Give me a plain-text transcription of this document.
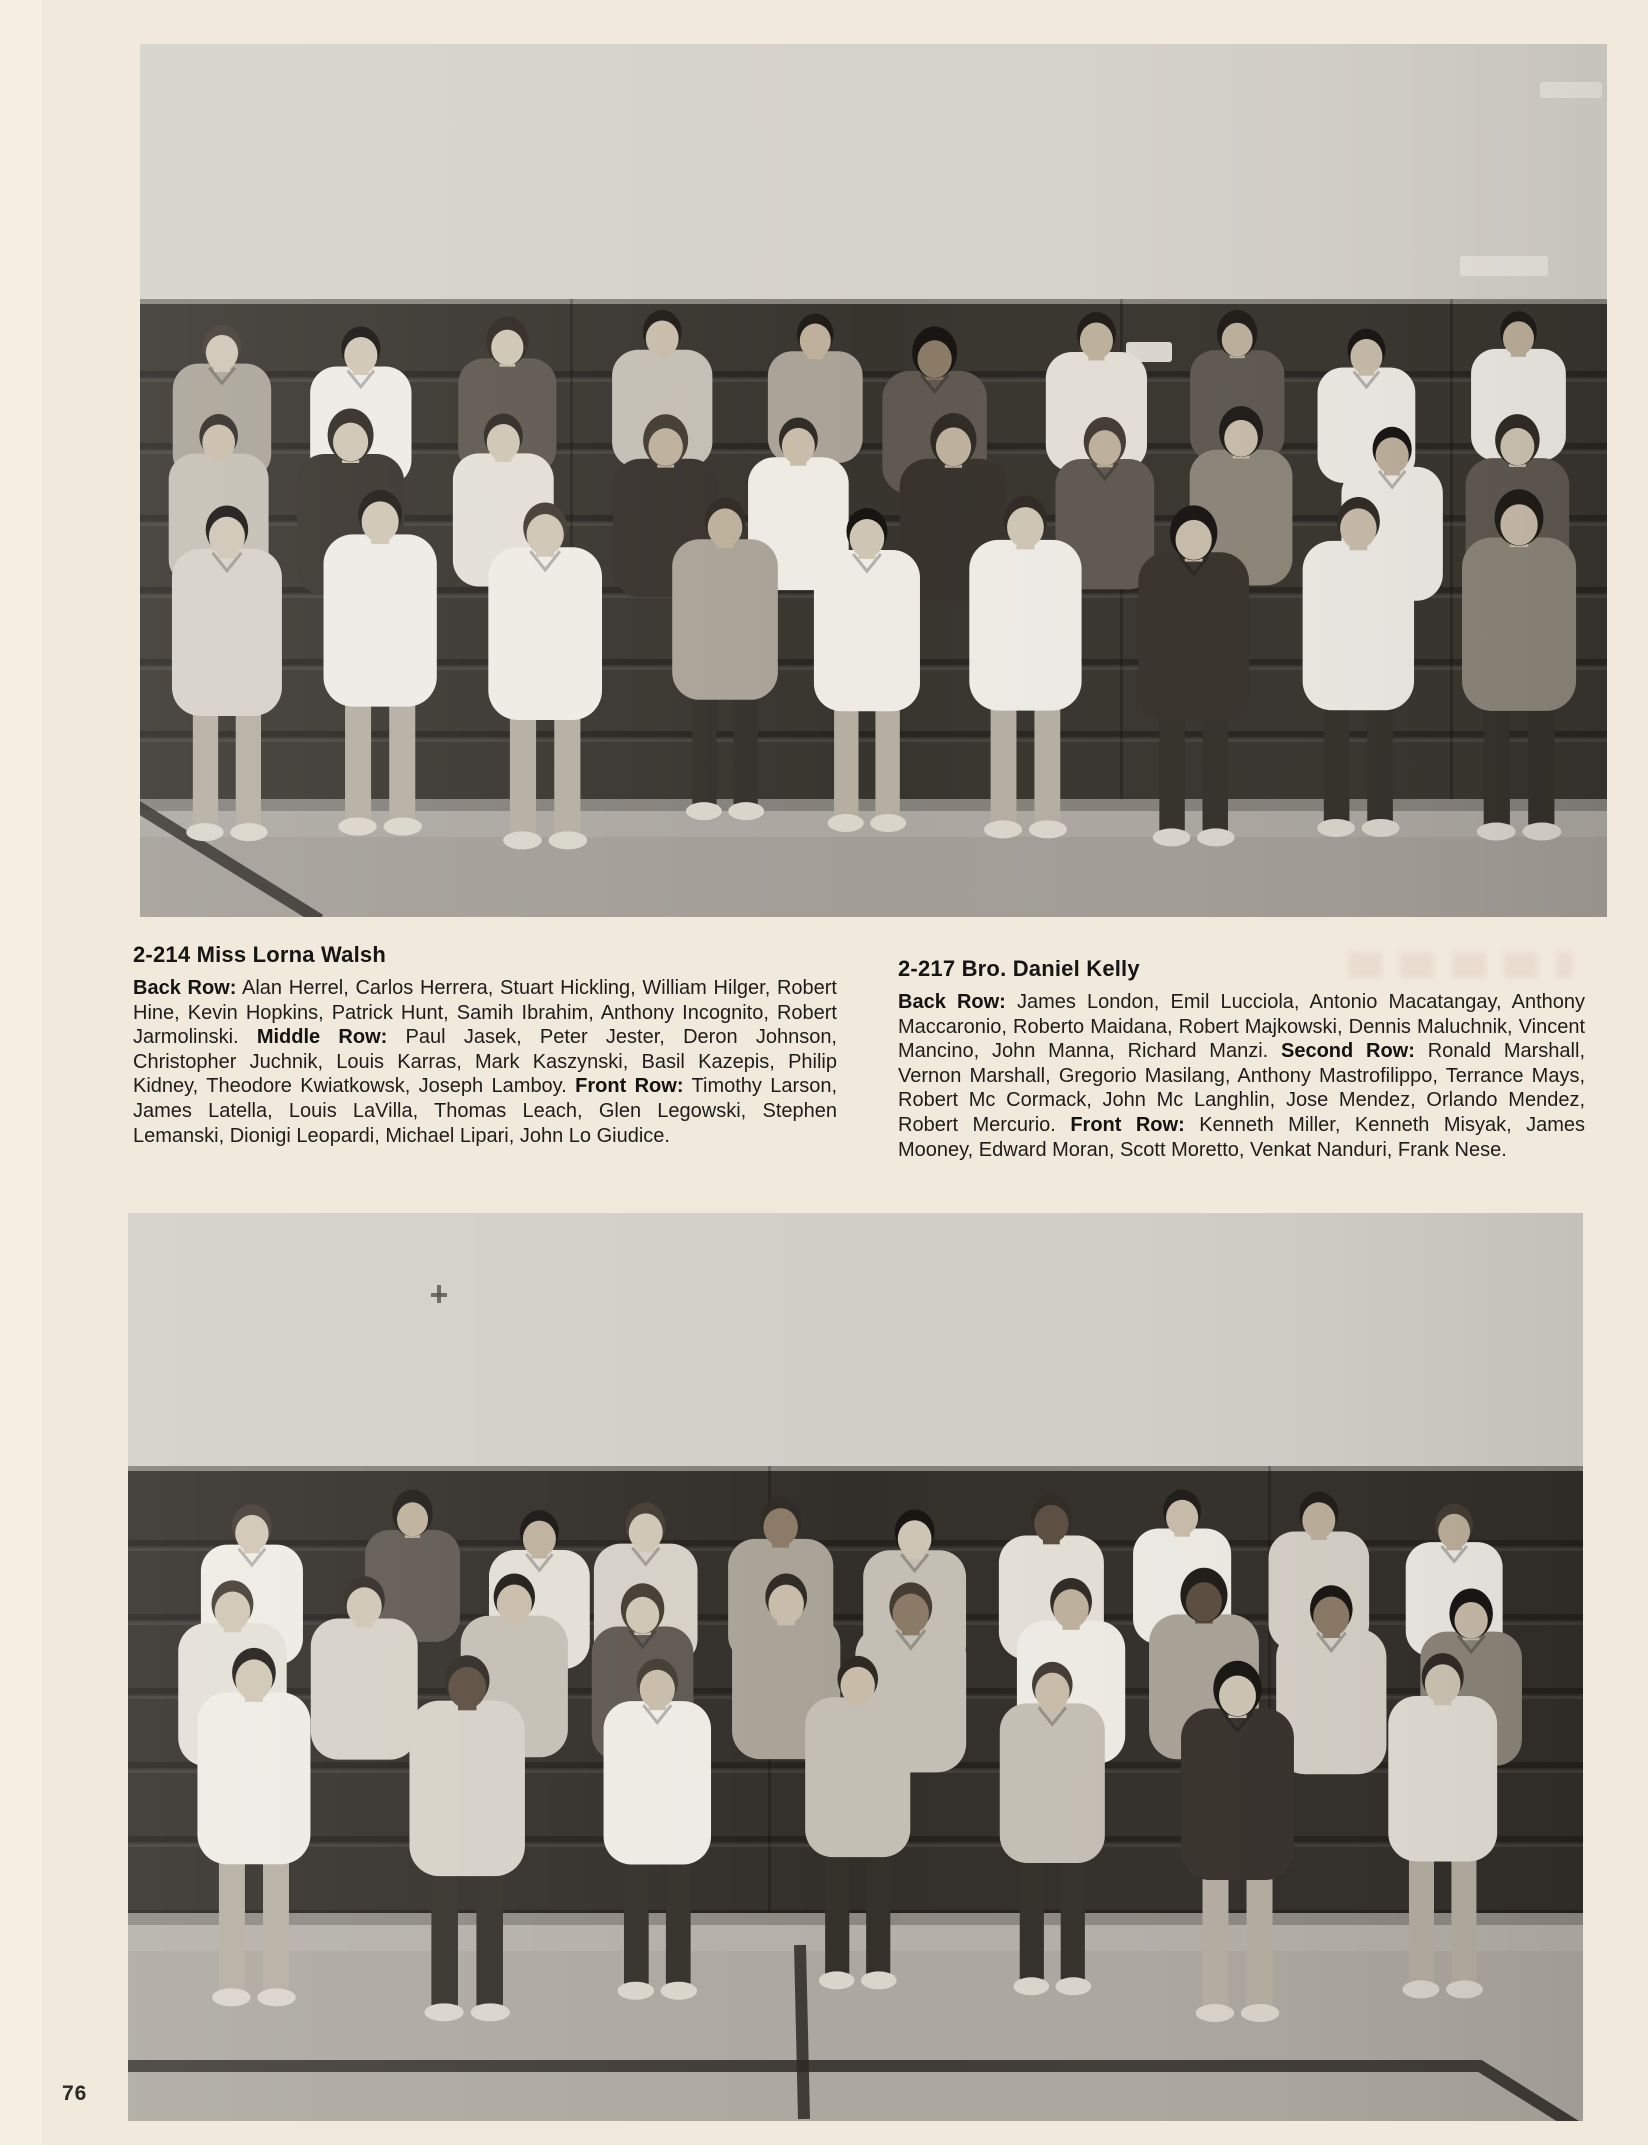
2-214 Miss Lorna Walsh

Back Row: Alan Herrel, Carlos Herrera, Stuart Hickling, William Hilger, Robert Hine, Kevin Hopkins, Patrick Hunt, Samih Ibrahim, Anthony Incognito, Robert Jarmolinski. Middle Row: Paul Jasek, Peter Jester, Deron Johnson, Christopher Juchnik, Louis Karras, Mark Kaszynski, Basil Kazepis, Philip Kidney, Theodore Kwiatkowsk, Joseph Lamboy. Front Row: Timothy Larson, James Latella, Louis LaVilla, Thomas Leach, Glen Legowski, Stephen Lemanski, Dionigi Leopardi, Michael Lipari, John Lo Giudice.

2-217 Bro. Daniel Kelly

Back Row: James London, Emil Lucciola, Antonio Macatangay, Anthony Maccaronio, Roberto Maidana, Robert Majkowski, Dennis Maluchnik, Vincent Mancino, John Manna, Richard Manzi. Second Row: Ronald Marshall, Vernon Marshall, Gregorio Masilang, Anthony Mastrofilippo, Terrance Mays, Robert Mc Cormack, John Mc Langhlin, Jose Mendez, Orlando Mendez, Robert Mercurio. Front Row: Kenneth Miller, Kenneth Misyak, James Mooney, Edward Moran, Scott Moretto, Venkat Nanduri, Frank Nese.

76
